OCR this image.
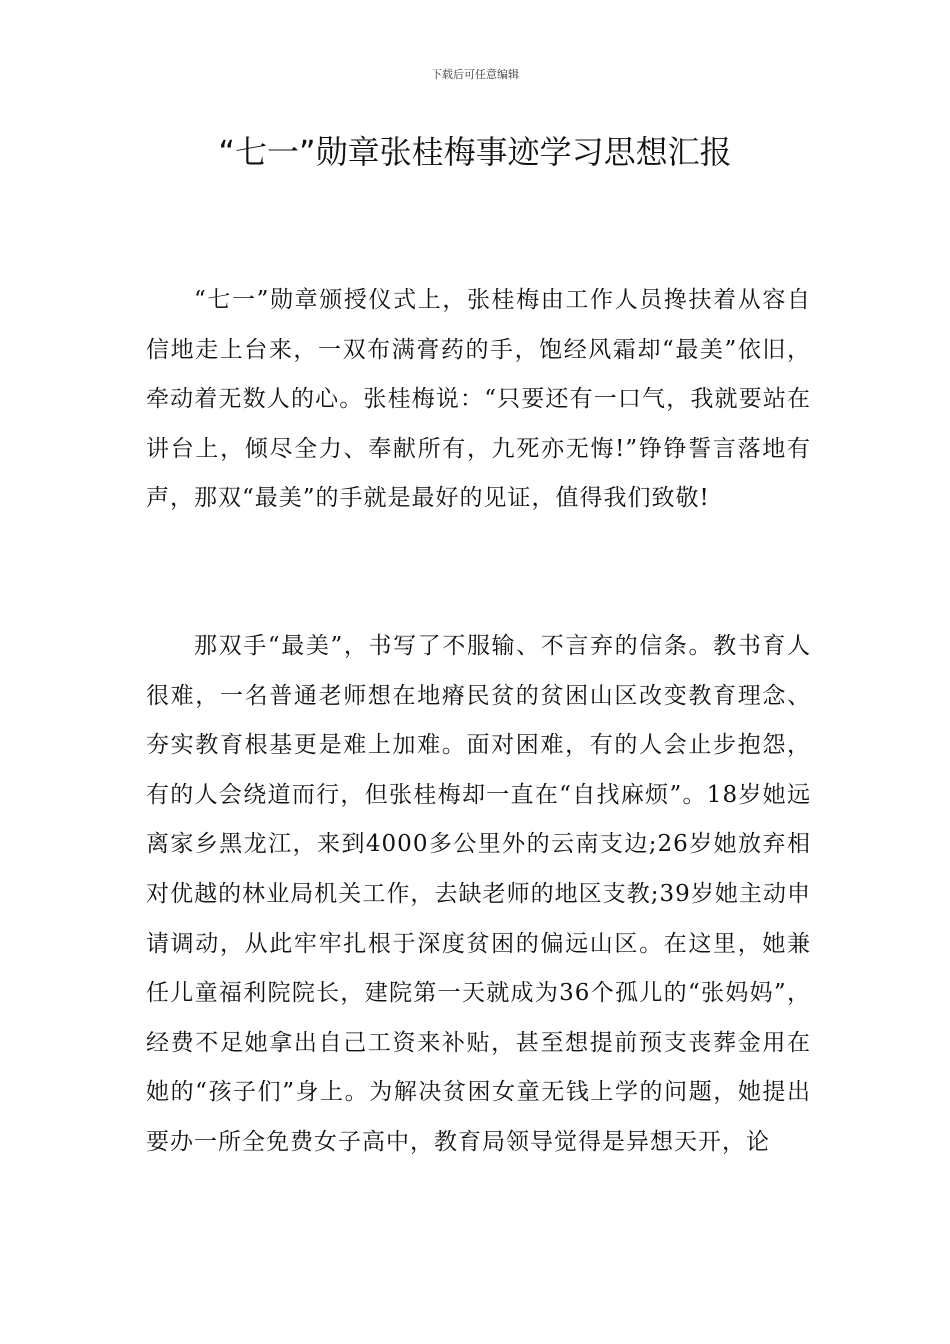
下载后可任意编辑
“七一”勋章张桂梅事迹学习思想汇报

“七一”勋章颁授仪式上，张桂梅由工作人员搀扶着从容自信地走上台来，一双布满膏药的手，饱经风霜却“最美”依旧，牵动着无数人的心。张桂梅说：“只要还有一口气，我就要站在讲台上，倾尽全力、奉献所有，九死亦无悔!”铮铮誓言落地有声，那双“最美”的手就是最好的见证，值得我们致敬!

那双手“最美”，书写了不服输、不言弃的信条。教书育人很难，一名普通老师想在地瘠民贫的贫困山区改变教育理念、夯实教育根基更是难上加难。面对困难，有的人会止步抱怨，有的人会绕道而行，但张桂梅却一直在“自找麻烦”。18岁她远离家乡黑龙江，来到4000多公里外的云南支边;26岁她放弃相对优越的林业局机关工作，去缺老师的地区支教;39岁她主动申请调动，从此牢牢扎根于深度贫困的偏远山区。在这里，她兼任儿童福利院院长，建院第一天就成为36个孤儿的“张妈妈”，经费不足她拿出自己工资来补贴，甚至想提前预支丧葬金用在她的“孩子们”身上。为解决贫困女童无钱上学的问题，她提出要办一所全免费女子高中，教育局领导觉得是异想天开，论
